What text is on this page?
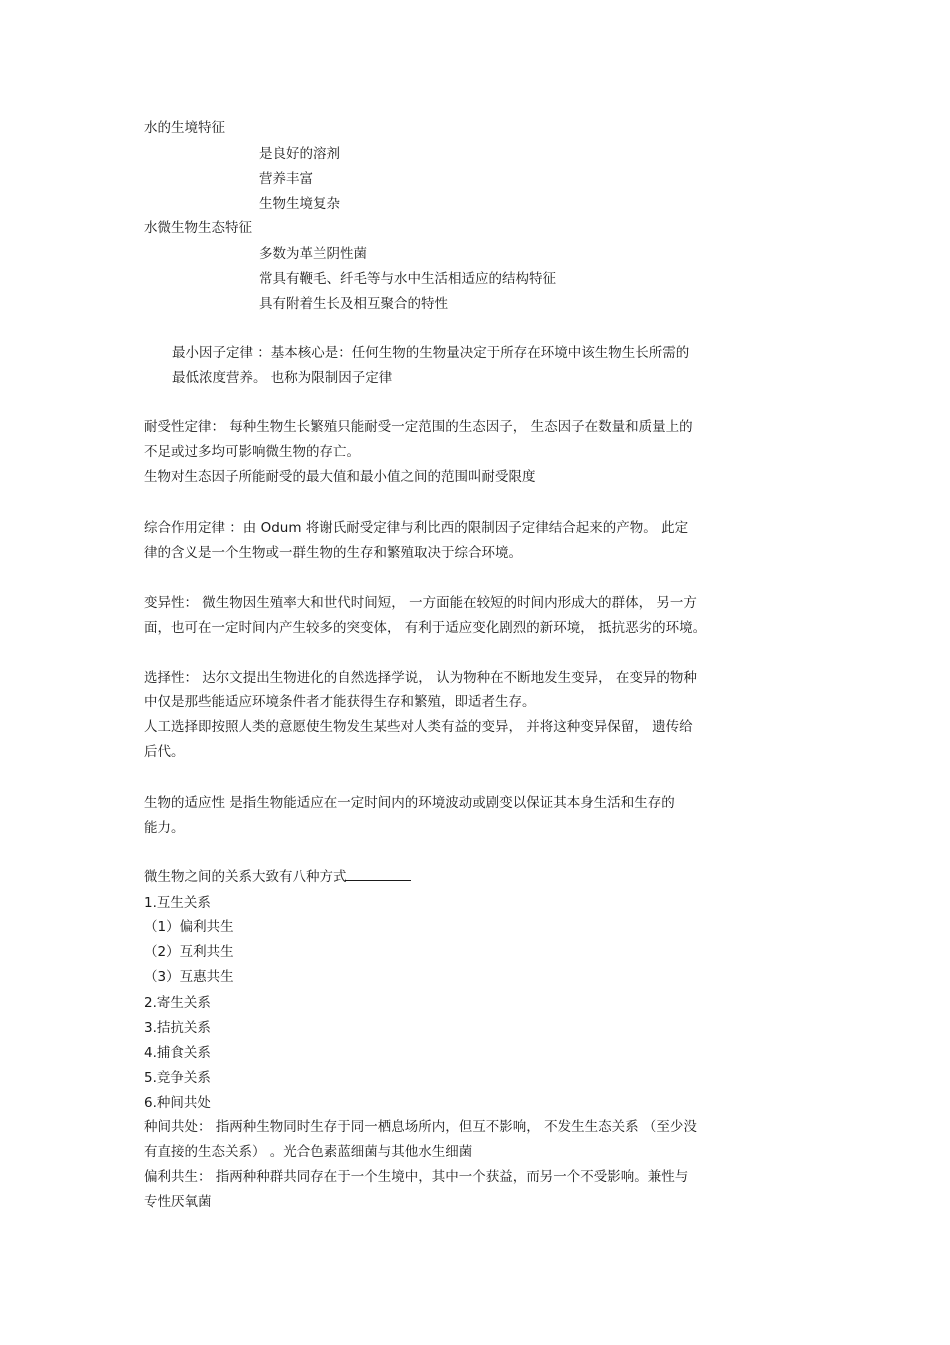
水的生境特征
是良好的溶剂
营养丰富
生物生境复杂
水微生物生态特征
多数为革兰阴性菌
常具有鞭毛、纤毛等与水中生活相适应的结构特征
具有附着生长及相互聚合的特性
最小因子定律 ：基本核心是：任何生物的生物量决定于所存在环境中该生物生长所需的
最低浓度营养。 也称为限制因子定律
耐受性定律： 每种生物生长繁殖只能耐受一定范围的生态因子， 生态因子在数量和质量上的
不足或过多均可影响微生物的存亡。
生物对生态因子所能耐受的最大值和最小值之间的范围叫耐受限度
综合作用定律 ：由 Odum 将谢氏耐受定律与利比西的限制因子定律结合起来的产物。 此定
律的含义是一个生物或一群生物的生存和繁殖取决于综合环境。
变异性： 微生物因生殖率大和世代时间短， 一方面能在较短的时间内形成大的群体， 另一方
面，也可在一定时间内产生较多的突变体， 有利于适应变化剧烈的新环境， 抵抗恶劣的环境。
选择性： 达尔文提出生物进化的自然选择学说， 认为物种在不断地发生变异， 在变异的物种
中仅是那些能适应环境条件者才能获得生存和繁殖，即适者生存。
人工选择即按照人类的意愿使生物发生某些对人类有益的变异， 并将这种变异保留， 遗传给
后代。
生物的适应性 是指生物能适应在一定时间内的环境波动或剧变以保证其本身生活和生存的
能力。
微生物之间的关系大致有八种方式
1.互生关系
（1）偏利共生
（2）互利共生
（3）互惠共生
2.寄生关系
3.拮抗关系
4.捕食关系
5.竞争关系
6.种间共处
种间共处： 指两种生物同时生存于同一栖息场所内，但互不影响， 不发生生态关系 （至少没
有直接的生态关系） 。光合色素蓝细菌与其他水生细菌
偏利共生： 指两种种群共同存在于一个生境中，其中一个获益，而另一个不受影响。兼性与
专性厌氧菌
